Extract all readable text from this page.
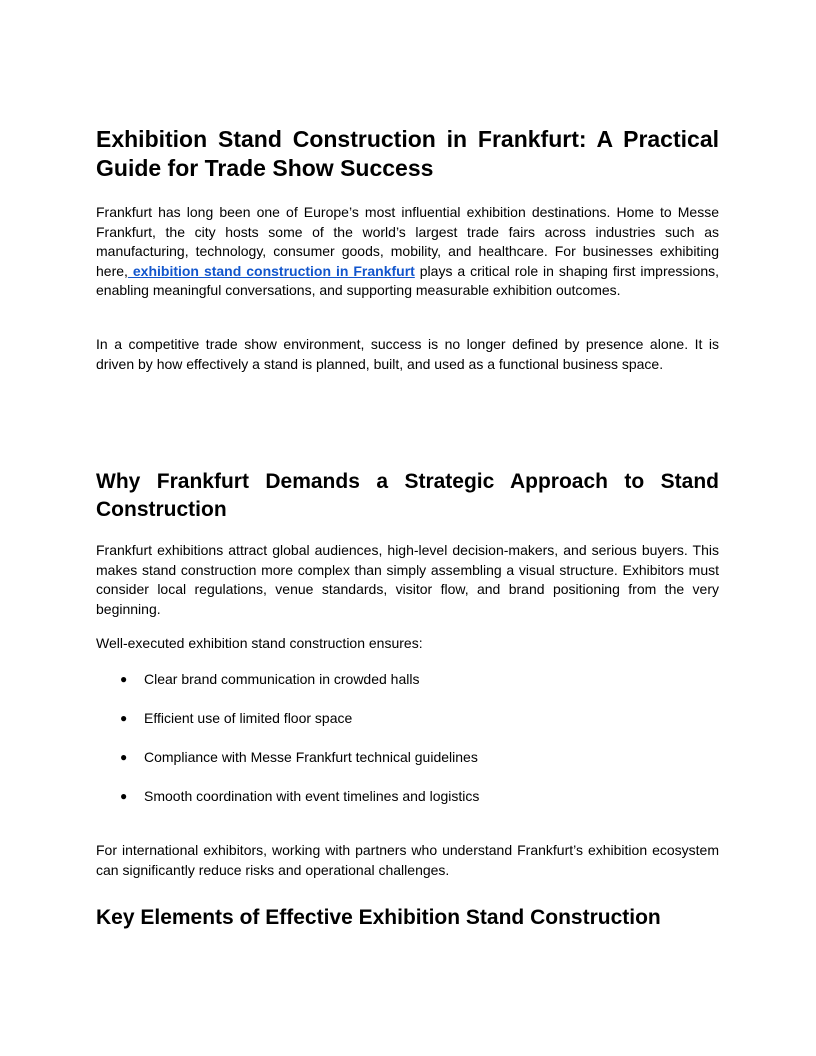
Exhibition Stand Construction in Frankfurt: A Practical Guide for Trade Show Success

Frankfurt has long been one of Europe’s most influential exhibition destinations. Home to Messe Frankfurt, the city hosts some of the world’s largest trade fairs across industries such as manufacturing, technology, consumer goods, mobility, and healthcare. For businesses exhibiting here, exhibition stand construction in Frankfurt plays a critical role in shaping first impressions, enabling meaningful conversations, and supporting measurable exhibition outcomes.

In a competitive trade show environment, success is no longer defined by presence alone. It is driven by how effectively a stand is planned, built, and used as a functional business space.

Why Frankfurt Demands a Strategic Approach to Stand Construction

Frankfurt exhibitions attract global audiences, high-level decision-makers, and serious buyers. This makes stand construction more complex than simply assembling a visual structure. Exhibitors must consider local regulations, venue standards, visitor flow, and brand positioning from the very beginning.

Well-executed exhibition stand construction ensures:

● Clear brand communication in crowded halls
● Efficient use of limited floor space
● Compliance with Messe Frankfurt technical guidelines
● Smooth coordination with event timelines and logistics

For international exhibitors, working with partners who understand Frankfurt’s exhibition ecosystem can significantly reduce risks and operational challenges.

Key Elements of Effective Exhibition Stand Construction
